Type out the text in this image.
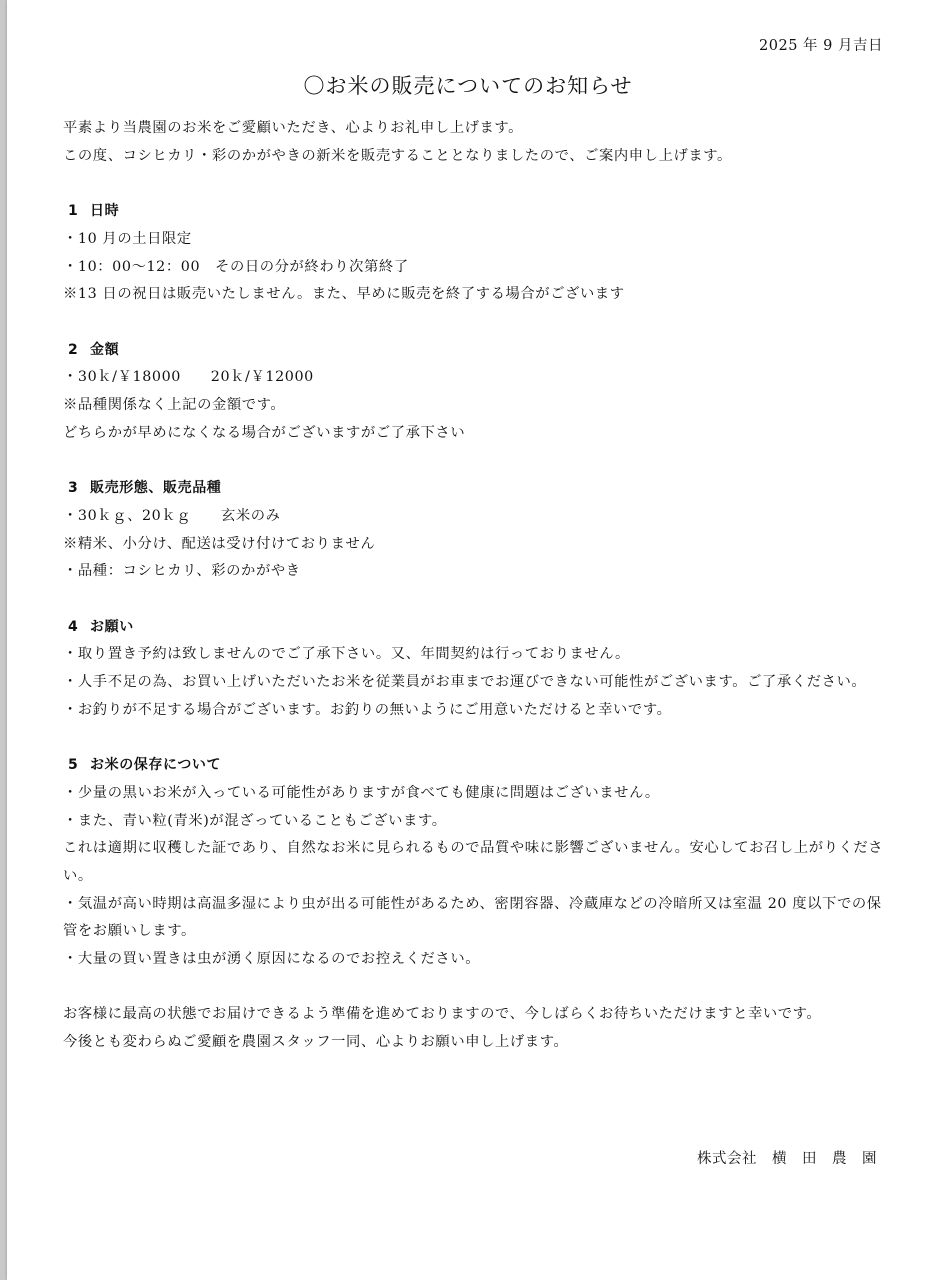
2025 年 9 月吉日
〇お米の販売についてのお知らせ

平素より当農園のお米をご愛顧いただき、心よりお礼申し上げます。

この度、コシヒカリ・彩のかがやきの新米を販売することとなりましたので、ご案内申し上げます。

1 日時

・10 月の土日限定

・10：00～12：00　その日の分が終わり次第終了

※13 日の祝日は販売いたしません。また、早めに販売を終了する場合がございます

2 金額

・30ｋ/￥18000　　20ｋ/￥12000

※品種関係なく上記の金額です。

どちらかが早めになくなる場合がございますがご了承下さい

3 販売形態、販売品種

・30ｋｇ、20ｋｇ　　玄米のみ

※精米、小分け、配送は受け付けておりません

・品種：コシヒカリ、彩のかがやき

4 お願い

・取り置き予約は致しませんのでご了承下さい。又、年間契約は行っておりません。

・人手不足の為、お買い上げいただいたお米を従業員がお車までお運びできない可能性がございます。ご了承ください。

・お釣りが不足する場合がございます。お釣りの無いようにご用意いただけると幸いです。

5 お米の保存について

・少量の黒いお米が入っている可能性がありますが食べても健康に問題はございません。

・また、青い粒(青米)が混ざっていることもございます。

これは適期に収穫した証であり、自然なお米に見られるもので品質や味に影響ございません。安心してお召し上がりください。

・気温が高い時期は高温多湿により虫が出る可能性があるため、密閉容器、冷蔵庫などの冷暗所又は室温 20 度以下での保管をお願いします。

・大量の買い置きは虫が湧く原因になるのでお控えください。

お客様に最高の状態でお届けできるよう準備を進めておりますので、今しばらくお待ちいただけますと幸いです。

今後とも変わらぬご愛顧を農園スタッフ一同、心よりお願い申し上げます。

株式会社　横　田　農　園
